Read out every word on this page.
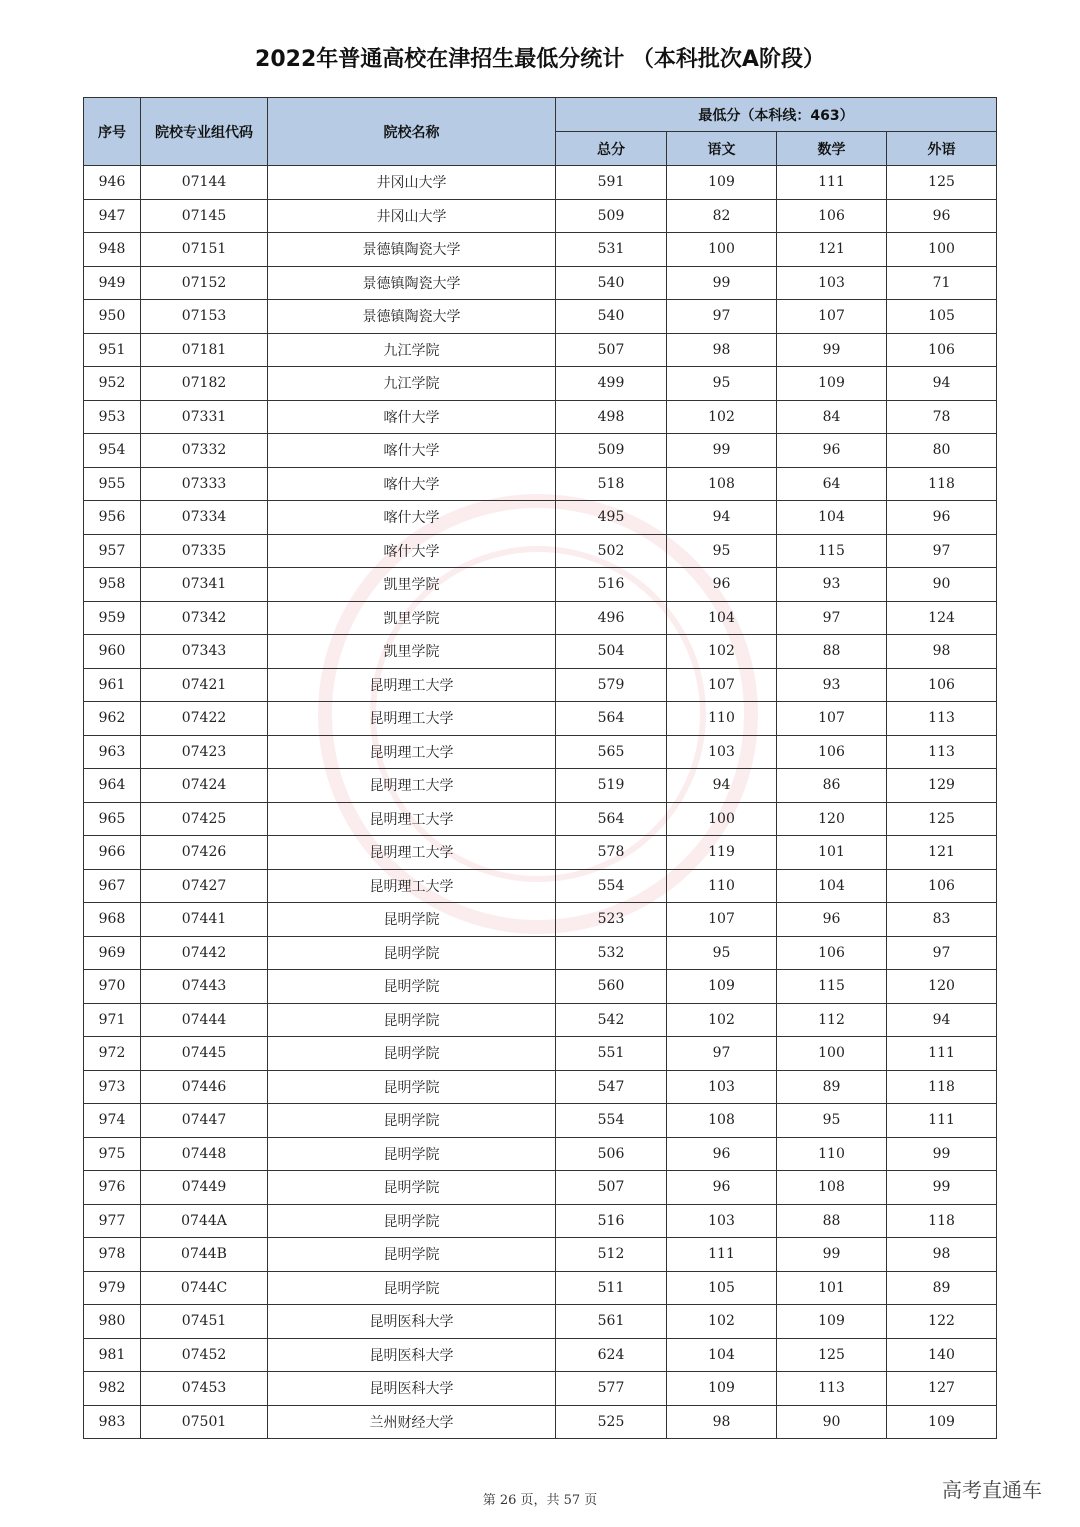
2022年普通高校在津招生最低分统计 （本科批次A阶段）
序号	院校专业组代码	院校名称	最低分（本科线：463）			
			总分	语文	数学	外语
946	07144	井冈山大学	591	109	111	125
947	07145	井冈山大学	509	82	106	96
948	07151	景德镇陶瓷大学	531	100	121	100
949	07152	景德镇陶瓷大学	540	99	103	71
950	07153	景德镇陶瓷大学	540	97	107	105
951	07181	九江学院	507	98	99	106
952	07182	九江学院	499	95	109	94
953	07331	喀什大学	498	102	84	78
954	07332	喀什大学	509	99	96	80
955	07333	喀什大学	518	108	64	118
956	07334	喀什大学	495	94	104	96
957	07335	喀什大学	502	95	115	97
958	07341	凯里学院	516	96	93	90
959	07342	凯里学院	496	104	97	124
960	07343	凯里学院	504	102	88	98
961	07421	昆明理工大学	579	107	93	106
962	07422	昆明理工大学	564	110	107	113
963	07423	昆明理工大学	565	103	106	113
964	07424	昆明理工大学	519	94	86	129
965	07425	昆明理工大学	564	100	120	125
966	07426	昆明理工大学	578	119	101	121
967	07427	昆明理工大学	554	110	104	106
968	07441	昆明学院	523	107	96	83
969	07442	昆明学院	532	95	106	97
970	07443	昆明学院	560	109	115	120
971	07444	昆明学院	542	102	112	94
972	07445	昆明学院	551	97	100	111
973	07446	昆明学院	547	103	89	118
974	07447	昆明学院	554	108	95	111
975	07448	昆明学院	506	96	110	99
976	07449	昆明学院	507	96	108	99
977	0744A	昆明学院	516	103	88	118
978	0744B	昆明学院	512	111	99	98
979	0744C	昆明学院	511	105	101	89
980	07451	昆明医科大学	561	102	109	122
981	07452	昆明医科大学	624	104	125	140
982	07453	昆明医科大学	577	109	113	127
983	07501	兰州财经大学	525	98	90	109
第 26 页，共 57 页	高考直通车
